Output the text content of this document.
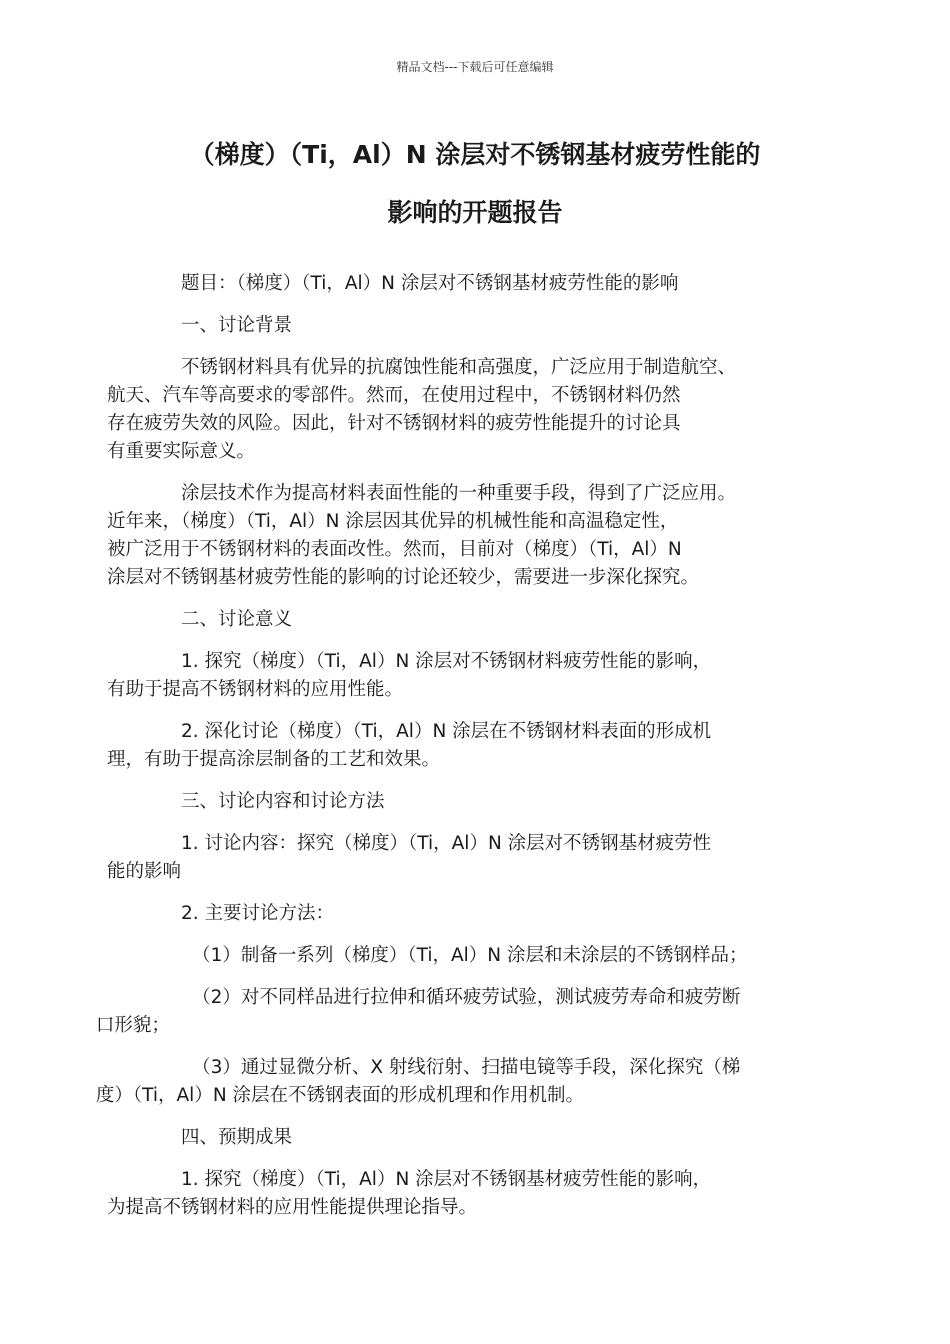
精品文档---下载后可任意编辑
（梯度）（Ti，Al）N 涂层对不锈钢基材疲劳性能的
影响的开题报告

题目：（梯度）（Ti，Al）N 涂层对不锈钢基材疲劳性能的影响

一、讨论背景

不锈钢材料具有优异的抗腐蚀性能和高强度，广泛应用于制造航空、
航天、汽车等高要求的零部件。然而，在使用过程中，不锈钢材料仍然
存在疲劳失效的风险。因此，针对不锈钢材料的疲劳性能提升的讨论具
有重要实际意义。

涂层技术作为提高材料表面性能的一种重要手段，得到了广泛应用。
近年来，（梯度）（Ti，Al）N 涂层因其优异的机械性能和高温稳定性，
被广泛用于不锈钢材料的表面改性。然而，目前对（梯度）（Ti，Al）N
涂层对不锈钢基材疲劳性能的影响的讨论还较少，需要进一步深化探究。

二、讨论意义

1. 探究（梯度）（Ti，Al）N 涂层对不锈钢材料疲劳性能的影响，
有助于提高不锈钢材料的应用性能。

2. 深化讨论（梯度）（Ti，Al）N 涂层在不锈钢材料表面的形成机
理，有助于提高涂层制备的工艺和效果。

三、讨论内容和讨论方法

1. 讨论内容：探究（梯度）（Ti，Al）N 涂层对不锈钢基材疲劳性
能的影响

2. 主要讨论方法：

（1）制备一系列（梯度）（Ti，Al）N 涂层和未涂层的不锈钢样品；

（2）对不同样品进行拉伸和循环疲劳试验，测试疲劳寿命和疲劳断
口形貌；

（3）通过显微分析、X 射线衍射、扫描电镜等手段，深化探究（梯
度）（Ti，Al）N 涂层在不锈钢表面的形成机理和作用机制。

四、预期成果

1. 探究（梯度）（Ti，Al）N 涂层对不锈钢基材疲劳性能的影响，
为提高不锈钢材料的应用性能提供理论指导。
